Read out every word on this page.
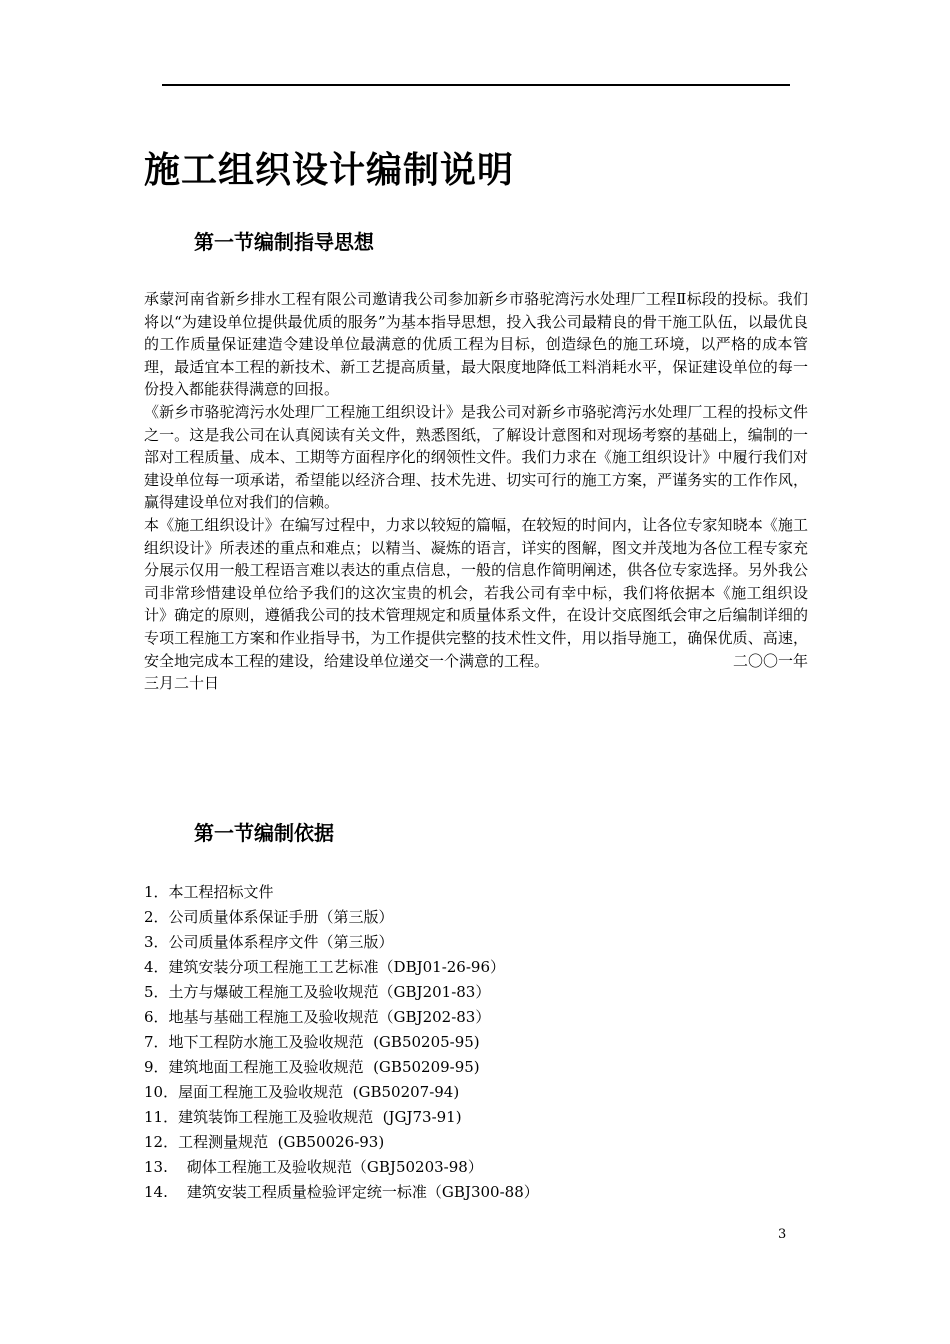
施工组织设计编制说明
第一节编制指导思想

承蒙河南省新乡排水工程有限公司邀请我公司参加新乡市骆驼湾污水处理厂工程Ⅱ标段的投标。我们将以“为建设单位提供最优质的服务”为基本指导思想，投入我公司最精良的骨干施工队伍，以最优良的工作质量保证建造令建设单位最满意的优质工程为目标，创造绿色的施工环境，以严格的成本管理，最适宜本工程的新技术、新工艺提高质量，最大限度地降低工料消耗水平，保证建设单位的每一份投入都能获得满意的回报。

《新乡市骆驼湾污水处理厂工程施工组织设计》是我公司对新乡市骆驼湾污水处理厂工程的投标文件之一。这是我公司在认真阅读有关文件，熟悉图纸，了解设计意图和对现场考察的基础上，编制的一部对工程质量、成本、工期等方面程序化的纲领性文件。我们力求在《施工组织设计》中履行我们对建设单位每一项承诺，希望能以经济合理、技术先进、切实可行的施工方案，严谨务实的工作作风，赢得建设单位对我们的信赖。

本《施工组织设计》在编写过程中，力求以较短的篇幅，在较短的时间内，让各位专家知晓本《施工组织设计》所表述的重点和难点；以精当、凝炼的语言，详实的图解，图文并茂地为各位工程专家充分展示仅用一般工程语言难以表达的重点信息，一般的信息作简明阐述，供各位专家选择。另外我公司非常珍惜建设单位给予我们的这次宝贵的机会，若我公司有幸中标，我们将依据本《施工组织设计》确定的原则，遵循我公司的技术管理规定和质量体系文件，在设计交底图纸会审之后编制详细的专项工程施工方案和作业指导书，为工作提供完整的技术性文件，用以指导施工，确保优质、高速，安全地完成本工程的建设，给建设单位递交一个满意的工程。	二〇〇一年

三月二十日

第一节编制依据
1．本工程招标文件
2．公司质量体系保证手册（第三版）
3．公司质量体系程序文件（第三版）
4．建筑安装分项工程施工工艺标准（DBJ01-26-96）
5．土方与爆破工程施工及验收规范（GBJ201-83）
6．地基与基础工程施工及验收规范（GBJ202-83）
7．地下工程防水施工及验收规范  (GB50205-95)
9．建筑地面工程施工及验收规范  (GB50209-95)
10．屋面工程施工及验收规范  (GB50207-94)
11．建筑装饰工程施工及验收规范  (JGJ73-91)
12．工程测量规范  (GB50026-93)
13.    砌体工程施工及验收规范（GBJ50203-98）
14.    建筑安装工程质量检验评定统一标准（GBJ300-88）
3
